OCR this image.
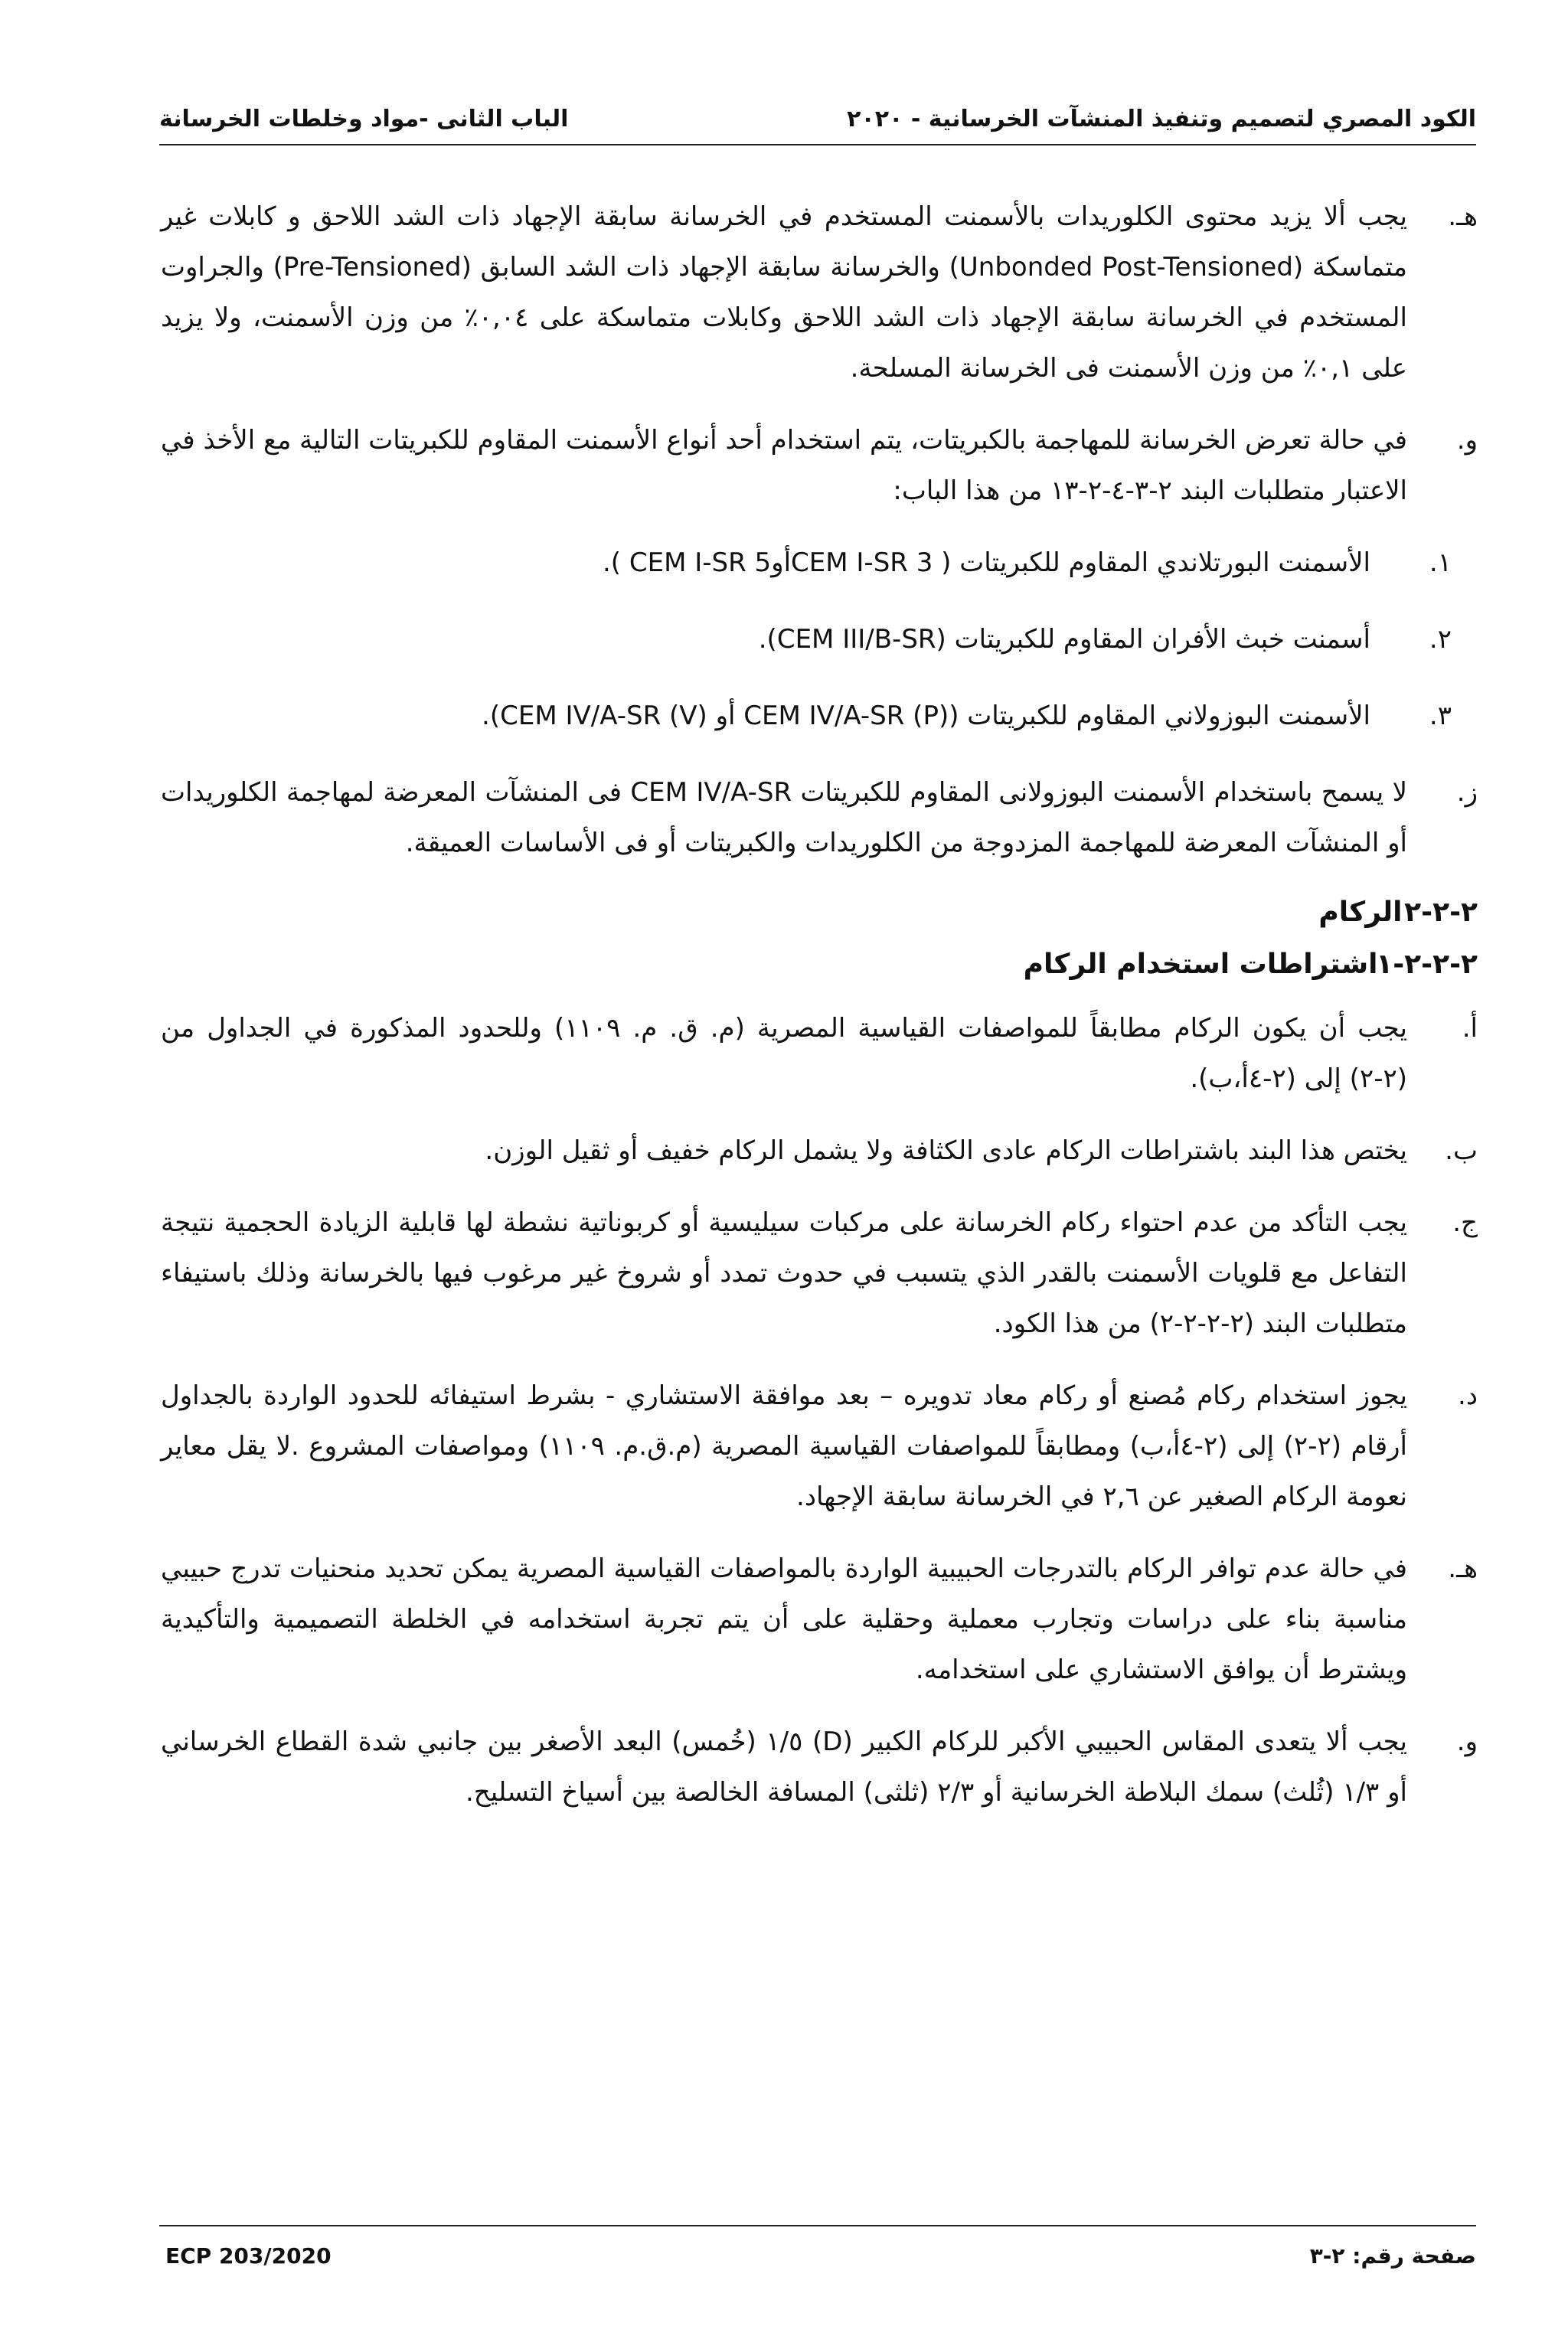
الكود المصري لتصميم وتنفيذ المنشآت الخرسانية - ٢٠٢٠
الباب الثانى -مواد وخلطات الخرسانة
هـ.

يجب ألا يزيد محتوى الكلوريدات بالأسمنت المستخدم في الخرسانة سابقة الإجهاد ذات الشد اللاحق و كابلات غير متماسكة (Unbonded Post-Tensioned) والخرسانة سابقة الإجهاد ذات الشد السابق (Pre-Tensioned) والجراوت المستخدم في الخرسانة سابقة الإجهاد ذات الشد اللاحق وكابلات متماسكة على ٠,٠٤٪ من وزن الأسمنت، ولا يزيد على ٠,١٪ من وزن الأسمنت فى الخرسانة المسلحة.

و.

في حالة تعرض الخرسانة للمهاجمة بالكبريتات، يتم استخدام أحد أنواع الأسمنت المقاوم للكبريتات التالية مع الأخذ في الاعتبار متطلبات البند ٢-٣-٤-٢-١٣ من هذا الباب:

١.

الأسمنت البورتلاندي المقاوم للكبريتات ( CEM I-SR 3أوCEM I-SR 5 ).

٢.

أسمنت خبث الأفران المقاوم للكبريتات (CEM III/B-SR).

٣.

الأسمنت البوزولاني المقاوم للكبريتات (CEM IV/A-SR (P) أو CEM IV/A-SR (V)).

ز.

لا يسمح باستخدام الأسمنت البوزولانى المقاوم للكبريتات CEM IV/A-SR فى المنشآت المعرضة لمهاجمة الكلوريدات أو المنشآت المعرضة للمهاجمة المزدوجة من الكلوريدات والكبريتات أو فى الأساسات العميقة.

٢-٢-٢ الركام
٢-٢-٢-١ اشتراطات استخدام الركام
أ.

يجب أن يكون الركام مطابقاً للمواصفات القياسية المصرية (م. ق. م. ١١٠٩) وللحدود المذكورة في الجداول من (٢-٢) إلى (٢-٤أ،ب).

ب.

يختص هذا البند باشتراطات الركام عادى الكثافة ولا يشمل الركام خفيف أو ثقيل الوزن.

ج.

يجب التأكد من عدم احتواء ركام الخرسانة على مركبات سيليسية أو كربوناتية نشطة لها قابلية الزيادة الحجمية نتيجة التفاعل مع قلويات الأسمنت بالقدر الذي يتسبب في حدوث تمدد أو شروخ غير مرغوب فيها بالخرسانة وذلك باستيفاء متطلبات البند (٢-٢-٢-٢) من هذا الكود.

د.

يجوز استخدام ركام مُصنع أو ركام معاد تدويره – بعد موافقة الاستشاري - بشرط استيفائه للحدود الواردة بالجداول أرقام (٢-٢) إلى (٢-٤أ،ب) ومطابقاً للمواصفات القياسية المصرية (م.ق.م. ١١٠٩) ومواصفات المشروع .لا يقل معاير نعومة الركام الصغير عن ٢,٦ في الخرسانة سابقة الإجهاد.

هـ.

في حالة عدم توافر الركام بالتدرجات الحبيبية الواردة بالمواصفات القياسية المصرية يمكن تحديد منحنيات تدرج حبيبي مناسبة بناء على دراسات وتجارب معملية وحقلية على أن يتم تجربة استخدامه في الخلطة التصميمية والتأكيدية ويشترط أن يوافق الاستشاري على استخدامه.

و.

يجب ألا يتعدى المقاس الحبيبي الأكبر للركام الكبير (D) ١/٥ (خُمس) البعد الأصغر بين جانبي شدة القطاع الخرساني أو ١/٣ (ثُلث) سمك البلاطة الخرسانية أو ٢/٣ (ثلثى) المسافة الخالصة بين أسياخ التسليح.

ECP 203/2020	صفحة رقم: ٢-٣
